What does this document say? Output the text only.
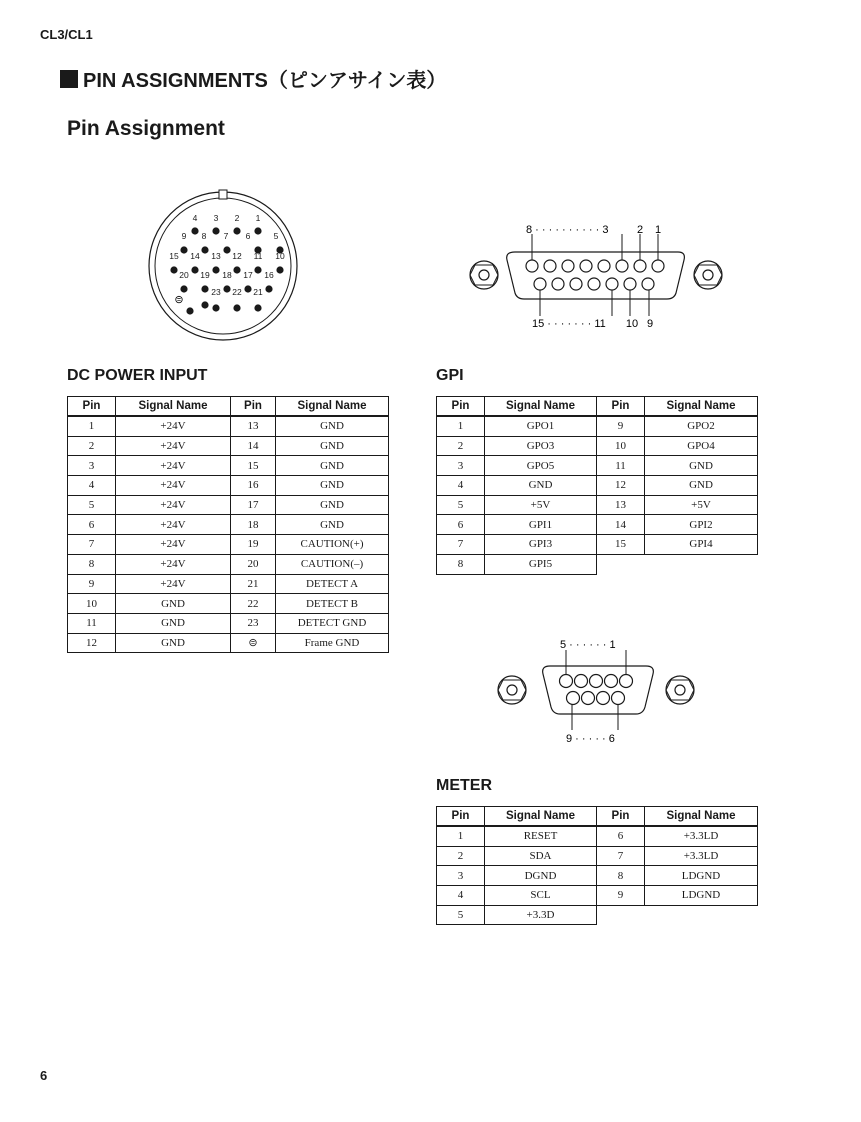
CL3/CL1
PIN ASSIGNMENTS（ピンアサイン表）
Pin Assignment
1
2
3
4
5
6
7
8
9
10
11
12
13
14
15
16
17
18
19
20
21
22
23
⊜
8 · · · · · · · · · · 3	2 1
15 · · · · · · · 11 10 9
DC POWER INPUT
Pin	Signal Name	Pin	Signal Name
1	+24V	13	GND
2	+24V	14	GND
3	+24V	15	GND
4	+24V	16	GND
5	+24V	17	GND
6	+24V	18	GND
7	+24V	19	CAUTION(+)
8	+24V	20	CAUTION(–)
9	+24V	21	DETECT A
10	GND	22	DETECT B
11	GND	23	DETECT GND
12	GND	⊜	Frame GND
GPI
Pin	Signal Name	Pin	Signal Name
1	GPO1	9	GPO2
2	GPO3	10	GPO4
3	GPO5	11	GND
4	GND	12	GND
5	+5V	13	+5V
6	GPI1	14	GPI2
7	GPI3	15	GPI4
8	GPI5		
5 · · · · · · 1
9 · · · · · 6
METER
Pin	Signal Name	Pin	Signal Name
1	RESET	6	+3.3LD
2	SDA	7	+3.3LD
3	DGND	8	LDGND
4	SCL	9	LDGND
5	+3.3D		
6
